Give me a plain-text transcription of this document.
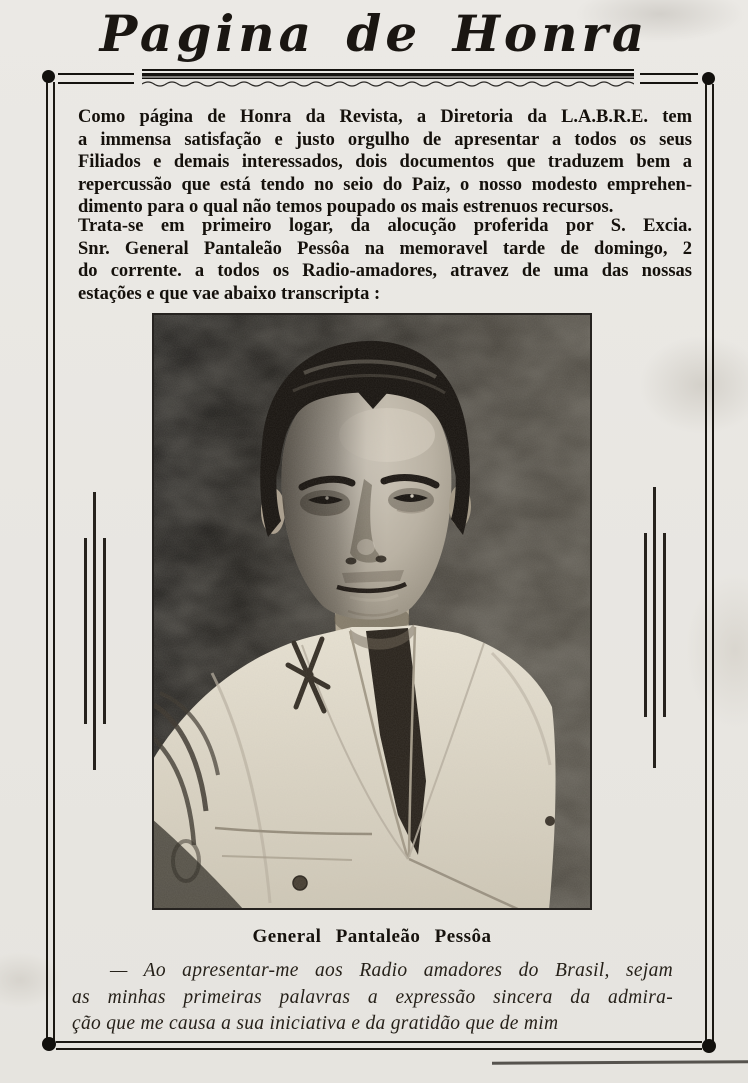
Pagina de Honra
Como página de Honra da Revista, a Diretoria da L.A.B.R.E. tem
a immensa satisfação e justo orgulho de apresentar a todos os seus
Filiados e demais interessados, dois documentos que traduzem bem a
repercussão que está tendo no seio do Paiz, o nosso modesto emprehen-
dimento para o qual não temos poupado os mais estrenuos recursos.
Trata-se em primeiro logar, da alocução proferida por S. Excia.
Snr. General Pantaleão Pessôa na memoravel tarde de domingo, 2
do corrente. a todos os Radio-amadores, atravez de uma das nossas
estações e que vae abaixo transcripta :
General Pantaleão Pessôa
— Ao apresentar-me aos Radio amadores do Brasil, sejam
as minhas primeiras palavras a expressão sincera da admira-
ção que me causa a sua iniciativa e da gratidão que de mim
